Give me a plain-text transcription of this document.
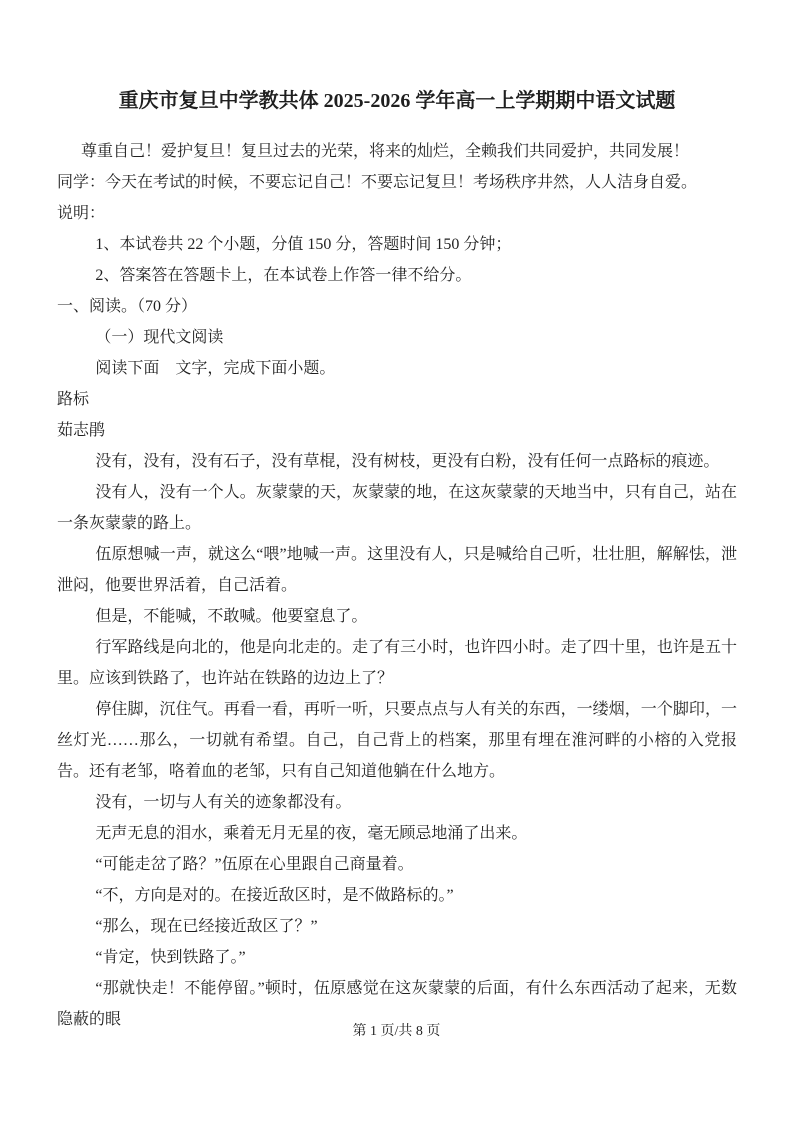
重庆市复旦中学教共体 2025-2026 学年高一上学期期中语文试题

尊重自己！爱护复旦！复旦过去的光荣，将来的灿烂，全赖我们共同爱护，共同发展！

同学：今天在考试的时候，不要忘记自己！不要忘记复旦！考场秩序井然，人人洁身自爱。

说明：

1、本试卷共 22 个小题，分值 150 分，答题时间 150 分钟；

2、答案答在答题卡上，在本试卷上作答一律不给分。

一、阅读。（70 分）

（一）现代文阅读

阅读下面　文字，完成下面小题。

路标

茹志鹃

没有，没有，没有石子，没有草棍，没有树枝，更没有白粉，没有任何一点路标的痕迹。

没有人，没有一个人。灰蒙蒙的天，灰蒙蒙的地，在这灰蒙蒙的天地当中，只有自己，站在一条灰蒙蒙的路上。

伍原想喊一声，就这么“喂”地喊一声。这里没有人，只是喊给自己听，壮壮胆，解解怯，泄泄闷，他要世界活着，自己活着。

但是，不能喊，不敢喊。他要窒息了。

行军路线是向北的，他是向北走的。走了有三小时，也许四小时。走了四十里，也许是五十里。应该到铁路了，也许站在铁路的边边上了？

停住脚，沉住气。再看一看，再听一听，只要点点与人有关的东西，一缕烟，一个脚印，一丝灯光……那么，一切就有希望。自己，自己背上的档案，那里有埋在淮河畔的小榕的入党报告。还有老邹，咯着血的老邹，只有自己知道他躺在什么地方。

没有，一切与人有关的迹象都没有。

无声无息的泪水，乘着无月无星的夜，毫无顾忌地涌了出来。

“可能走岔了路？”伍原在心里跟自己商量着。

“不，方向是对的。在接近敌区时，是不做路标的。”

“那么，现在已经接近敌区了？”

“肯定，快到铁路了。”

“那就快走！不能停留。”顿时，伍原感觉在这灰蒙蒙的后面，有什么东西活动了起来，无数隐蔽的眼

第 1 页/共 8 页
